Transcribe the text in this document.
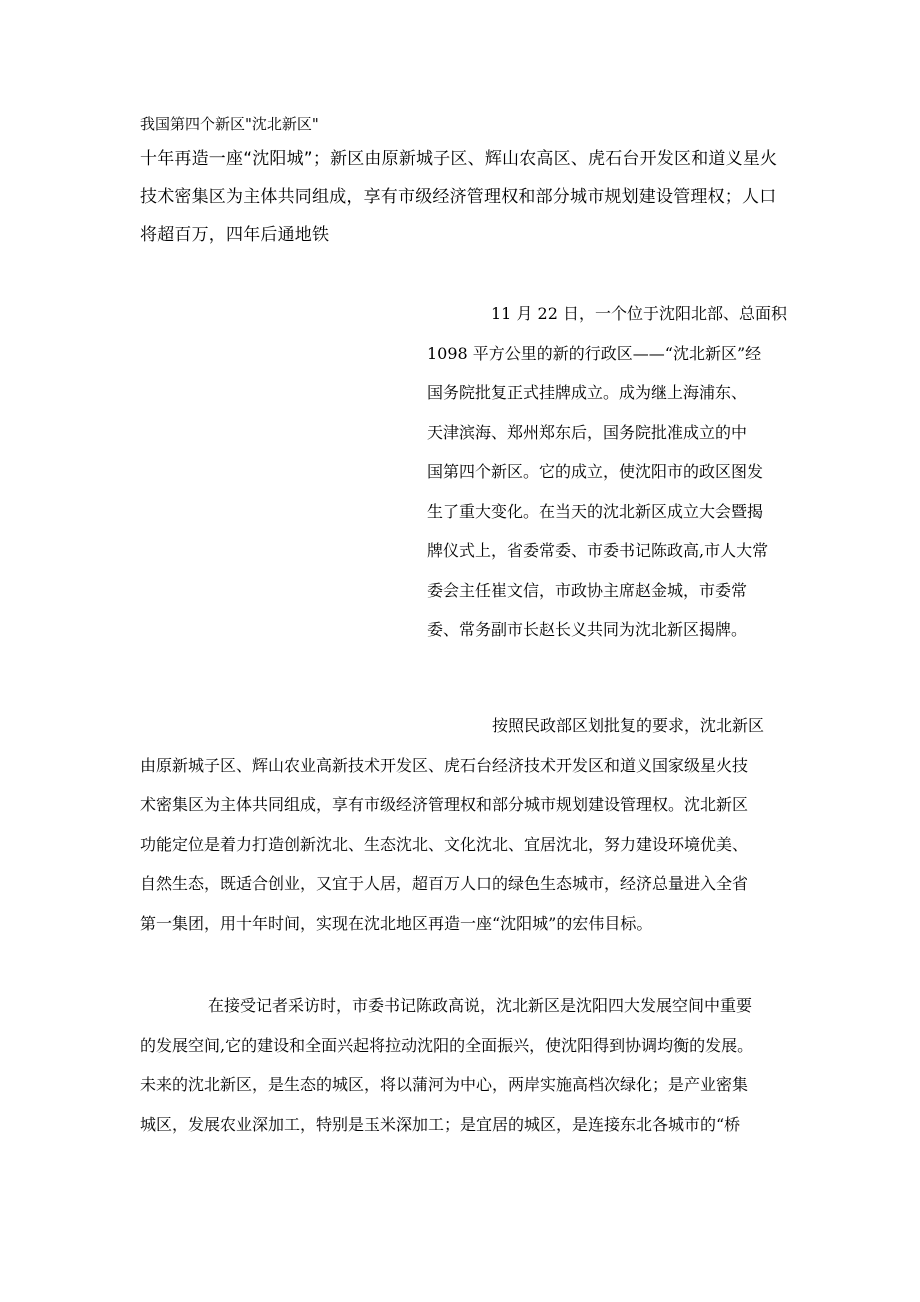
我国第四个新区"沈北新区"
十年再造一座“沈阳城”；新区由原新城子区、辉山农高区、虎石台开发区和道义星火技术密集区为主体共同组成，享有市级经济管理权和部分城市规划建设管理权；人口将超百万，四年后通地铁
11 月 22 日，一个位于沈阳北部、总面积
1098 平方公里的新的行政区——“沈北新区”经
国务院批复正式挂牌成立。成为继上海浦东、
天津滨海、郑州郑东后，国务院批准成立的中
国第四个新区。它的成立，使沈阳市的政区图发
生了重大变化。在当天的沈北新区成立大会暨揭
牌仪式上，省委常委、市委书记陈政高,市人大常
委会主任崔文信，市政协主席赵金城，市委常
委、常务副市长赵长义共同为沈北新区揭牌。
按照民政部区划批复的要求，沈北新区
由原新城子区、辉山农业高新技术开发区、虎石台经济技术开发区和道义国家级星火技
术密集区为主体共同组成，享有市级经济管理权和部分城市规划建设管理权。沈北新区
功能定位是着力打造创新沈北、生态沈北、文化沈北、宜居沈北，努力建设环境优美、
自然生态，既适合创业，又宜于人居，超百万人口的绿色生态城市，经济总量进入全省
第一集团，用十年时间，实现在沈北地区再造一座“沈阳城”的宏伟目标。
在接受记者采访时，市委书记陈政高说，沈北新区是沈阳四大发展空间中重要
的发展空间,它的建设和全面兴起将拉动沈阳的全面振兴，使沈阳得到协调均衡的发展。
未来的沈北新区，是生态的城区，将以蒲河为中心，两岸实施高档次绿化；是产业密集
城区，发展农业深加工，特别是玉米深加工；是宜居的城区，是连接东北各城市的“桥
